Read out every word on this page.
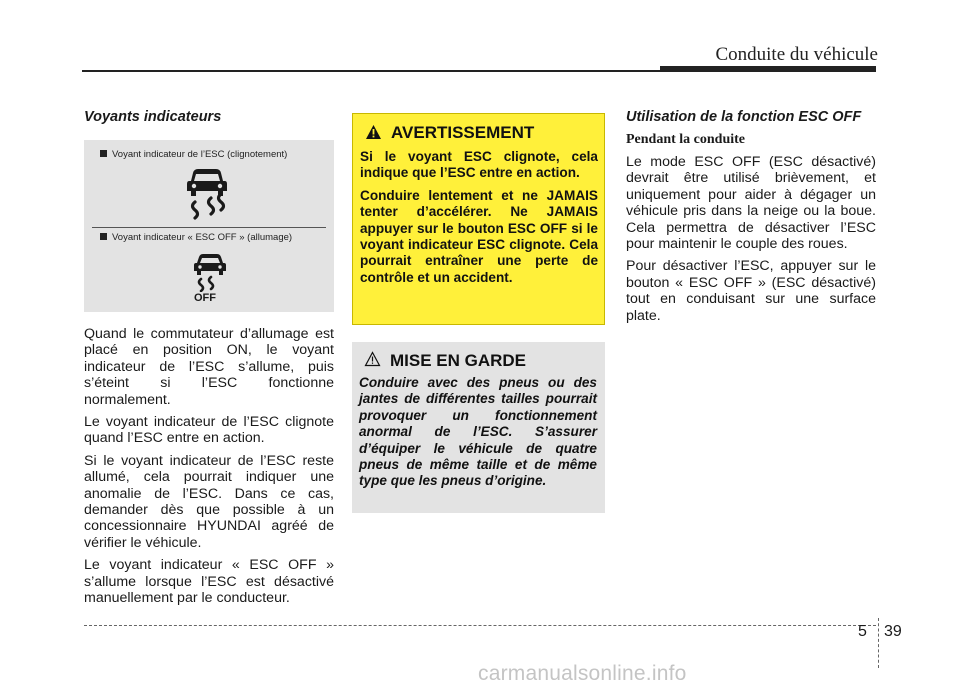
Conduite du véhicule
Voyants indicateurs
Voyant indicateur de l’ESC (clignotement)
Voyant indicateur « ESC OFF » (allumage)
OFF

Quand le commutateur d’allumage est placé en position ON, le voyant indicateur de l’ESC s’allume, puis s’éteint si l’ESC fonctionne normalement.

Le voyant indicateur de l’ESC clignote quand l’ESC entre en action.

Si le voyant indicateur de l’ESC reste allumé, cela pourrait indiquer une anomalie de l’ESC. Dans ce cas, demander dès que possible à un concessionnaire HYUNDAI agréé de vérifier le véhicule.

Le voyant indicateur « ESC OFF » s’allume lorsque l’ESC est désactivé manuellement par le conducteur.

AVERTISSEMENT

Si le voyant ESC clignote, cela indique que l’ESC entre en action.

Conduire lentement et ne JAMAIS tenter d’accélérer. Ne JAMAIS appuyer sur le bouton ESC OFF si le voyant indicateur ESC clignote. Cela pourrait entraîner une perte de contrôle et un accident.

MISE EN GARDE
Conduire avec des pneus ou des jantes de différentes tailles pourrait provoquer un fonctionnement anormal de l’ESC. S’assurer d’équiper le véhicule de quatre pneus de même taille et de même type que les pneus d’origine.
Utilisation de la fonction ESC OFF
Pendant la conduite

Le mode ESC OFF (ESC désactivé) devrait être utilisé brièvement, et uniquement pour aider à dégager un véhicule pris dans la neige ou la boue. Cela permettra de désactiver l’ESC pour maintenir le couple des roues.

Pour désactiver l’ESC, appuyer sur le bouton « ESC OFF » (ESC désactivé) tout en conduisant sur une surface plate.

5 39
carmanualsonline.info
